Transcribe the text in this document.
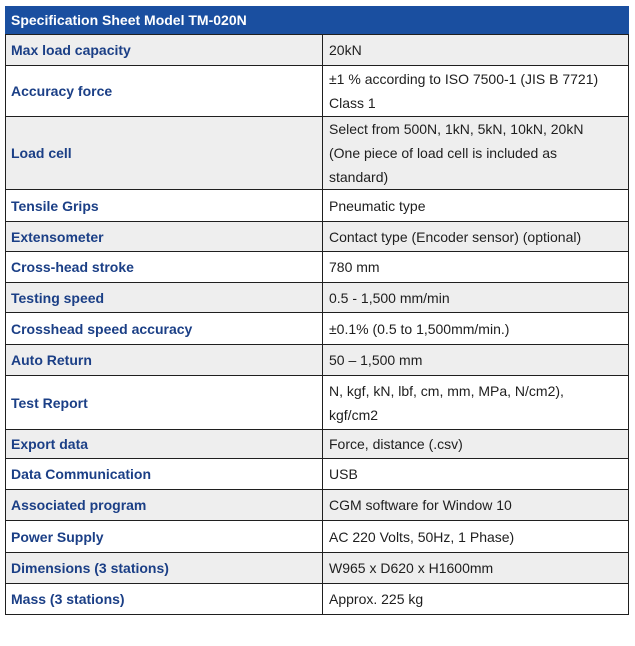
Specification Sheet Model TM-020N
Max load capacity	20kN

Accuracy force	±1 % according to ISO 7500-1 (JIS B 7721)
Class 1

Load cell	Select from 500N, 1kN, 5kN, 10kN, 20kN
(One piece of load cell is included as
standard)

Tensile Grips	Pneumatic type

Extensometer	Contact type (Encoder sensor) (optional)

Cross-head stroke	780 mm

Testing speed	0.5 - 1,500 mm/min

Crosshead speed accuracy	±0.1% (0.5 to 1,500mm/min.)

Auto Return	50 – 1,500 mm

Test Report	N, kgf, kN, lbf, cm, mm, MPa, N/cm2),
kgf/cm2

Export data	Force, distance (.csv)

Data Communication	USB

Associated program	CGM software for Window 10

Power Supply	AC 220 Volts, 50Hz, 1 Phase)

Dimensions (3 stations)	W965 x D620 x H1600mm

Mass (3 stations)	Approx. 225 kg
